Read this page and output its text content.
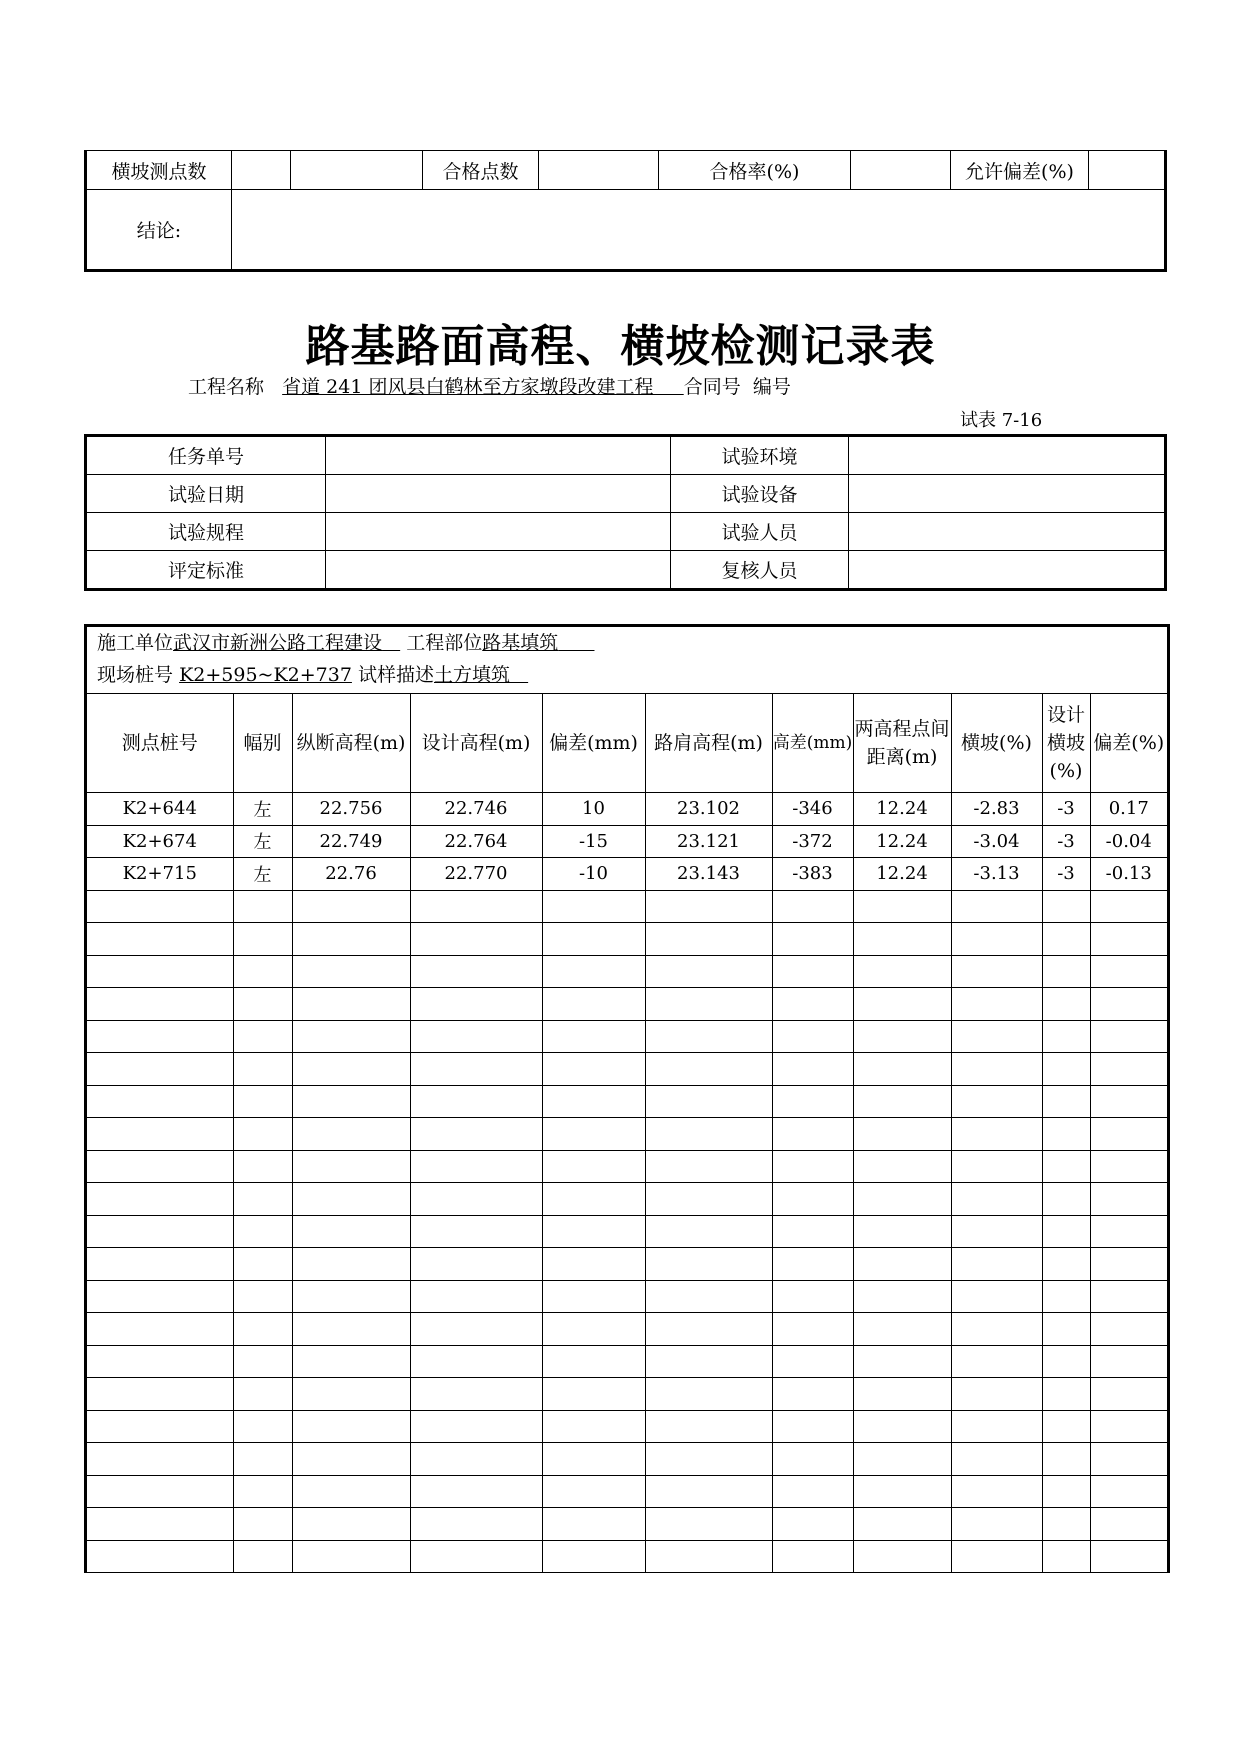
横坡测点数			合格点数		合格率(%)		允许偏差(%)	
结论:								
路基路面高程、横坡检测记录表
工程名称 省道 241 团风县白鹤林至方家墩段改建工程 合同号 编号
试表 7-16
任务单号		试验环境	
试验日期		试验设备	
试验规程		试验人员	
评定标准		复核人员	
施工单位武汉市新洲公路工程建设 工程部位路基填筑
现场桩号 K2+595~K2+737 试样描述土方填筑
测点桩号	幅别	纵断高程(m)	设计高程(m)	偏差(mm)	路肩高程(m)	高差(mm)	两高程点间距离(m)	横坡(%)	设计横坡(%)	偏差(%)
K2+644	左	22.756	22.746	10	23.102	-346	12.24	-2.83	-3	0.17
K2+674	左	22.749	22.764	-15	23.121	-372	12.24	-3.04	-3	-0.04
K2+715	左	22.76	22.770	-10	23.143	-383	12.24	-3.13	-3	-0.13
